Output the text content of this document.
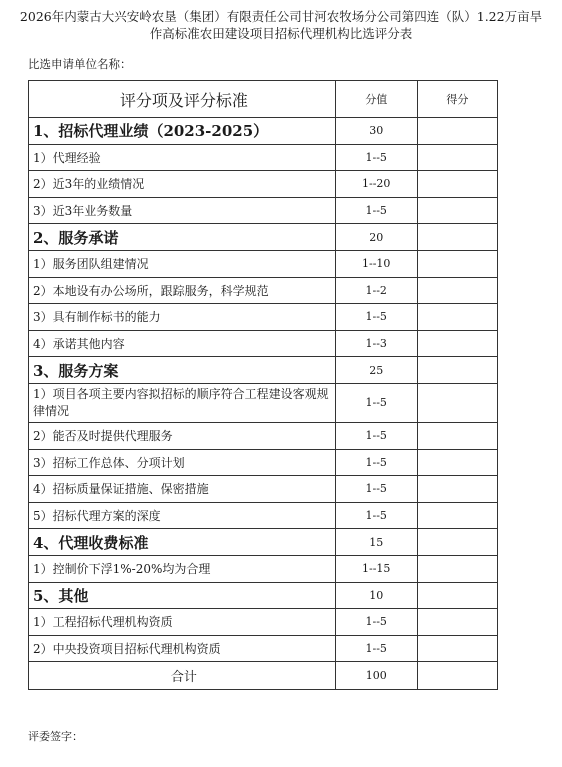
2026年内蒙古大兴安岭农垦（集团）有限责任公司甘河农牧场分公司第四连（队）1.22万亩旱作高标准农田建设项目招标代理机构比选评分表
比选申请单位名称：
评分项及评分标准	分值	得分
1、招标代理业绩（2023-2025）	30	
1）代理经验	1--5	
2）近3年的业绩情况	1--20	
3）近3年业务数量	1--5	
2、服务承诺	20	
1）服务团队组建情况	1--10	
2）本地设有办公场所，跟踪服务，科学规范	1--2	
3）具有制作标书的能力	1--5	
4）承诺其他内容	1--3	
3、服务方案	25	
1）项目各项主要内容拟招标的顺序符合工程建设客观规律情况	1--5	
2）能否及时提供代理服务	1--5	
3）招标工作总体、分项计划	1--5	
4）招标质量保证措施、保密措施	1--5	
5）招标代理方案的深度	1--5	
4、代理收费标准	15	
1）控制价下浮1%-20%均为合理	1--15	
5、其他	10	
1）工程招标代理机构资质	1--5	
2）中央投资项目招标代理机构资质	1--5	
合计	100	
评委签字：
